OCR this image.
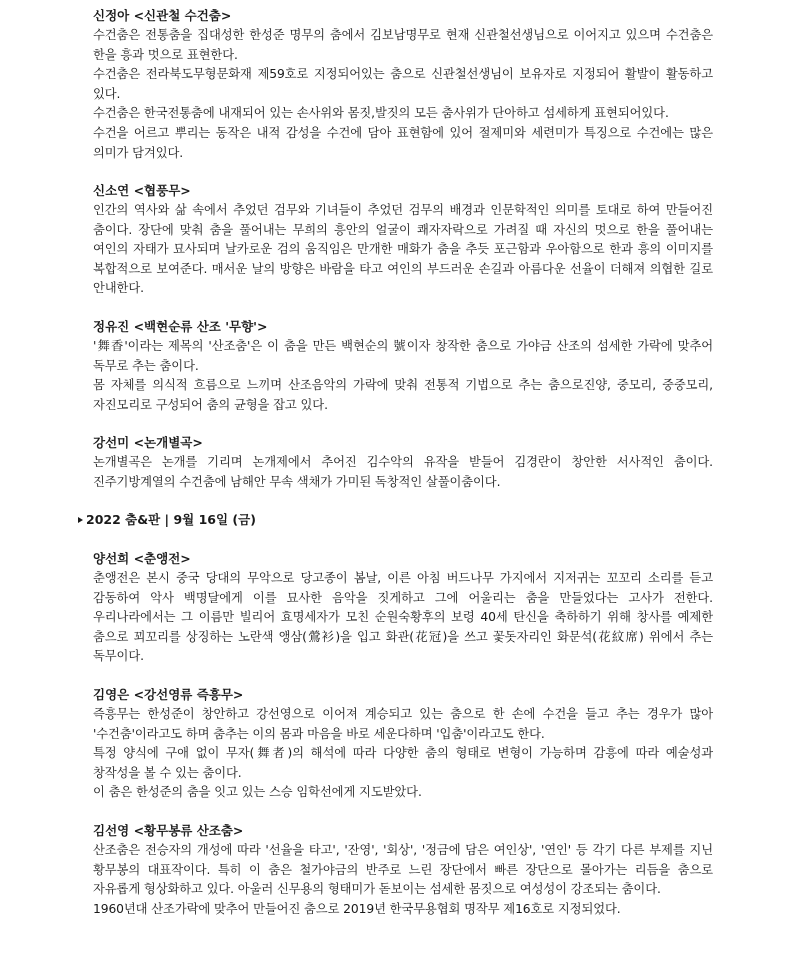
신정아 <신관철 수건춤>

수건춤은 전통춤을 집대성한 한성준 명무의 춤에서 김보남명무로 현재 신관철선생님으로 이어지고 있으며 수건춤은 한을 흥과 멋으로 표현한다.

수건춤은 전라북도무형문화재 제59호로 지정되어있는 춤으로 신관철선생님이 보유자로 지정되어 활발이 활동하고 있다.

수건춤은 한국전통춤에 내재되어 있는 손사위와 몸짓,발짓의 모든 춤사위가 단아하고 섬세하게 표현되어있다.

수건을 어르고 뿌리는 동작은 내적 감성을 수건에 담아 표현함에 있어 절제미와 세련미가 특징으로 수건에는 많은 의미가 담겨있다.

신소연 <협풍무>

인간의 역사와 삶 속에서 추었던 검무와 기녀들이 추었던 검무의 배경과 인문학적인 의미를 토대로 하여 만들어진 춤이다. 장단에 맞춰 춤을 풀어내는 무희의 흥안의 얼굴이 쾌자자락으로 가려질 때 자신의 멋으로 한을 풀어내는 여인의 자태가 묘사되며 날카로운 검의 움직임은 만개한 매화가 춤을 추듯 포근함과 우아함으로 한과 흥의 이미지를 복합적으로 보여준다. 매서운 날의 방향은 바람을 타고 여인의 부드러운 손길과 아름다운 선율이 더해져 의협한 길로 안내한다.

정유진 <백현순류 산조 '무향'>

'舞香'이라는 제목의 '산조춤'은 이 춤을 만든 백현순의 號이자 창작한 춤으로 가야금 산조의 섬세한 가락에 맞추어 독무로 추는 춤이다.

몸 자체를 의식적 흐름으로 느끼며 산조음악의 가락에 맞춰 전통적 기법으로 추는 춤으로진양, 중모리, 중중모리, 자진모리로 구성되어 춤의 균형을 잡고 있다.

강선미 <논개별곡>

논개별곡은 논개를 기리며 논개제에서 추어진 김수악의 유작을 받들어 김경란이 창안한 서사적인 춤이다. 진주기방계열의 수건춤에 남해안 무속 색채가 가미된 독창적인 살풀이춤이다.

2022 춤&판 | 9월 16일 (금)
양선희 <춘앵전>

춘앵전은 본시 중국 당대의 무악으로 당고종이 봄날, 이른 아침 버드나무 가지에서 지저귀는 꼬꼬리 소리를 듣고 감동하여 악사 백명달에게 이를 묘사한 음악을 짓게하고 그에 어울리는 춤을 만들었다는 고사가 전한다. 우리나라에서는 그 이름만 빌리어 효명세자가 모친 순원숙황후의 보령 40세 탄신을 축하하기 위해 창사를 예제한 춤으로 꾀꼬리를 상징하는 노란색 앵삼(鶯衫)을 입고 화관(花冠)을 쓰고 꽃돗자리인 화문석(花紋席) 위에서 추는 독무이다.

김영은 <강선영류 즉흥무>

즉흥무는 한성준이 창안하고 강선영으로 이어져 계승되고 있는 춤으로 한 손에 수건을 들고 추는 경우가 많아 '수건춤'이라고도 하며 춤추는 이의 몸과 마음을 바로 세운다하며 '입춤'이라고도 한다.

특정 양식에 구애 없이 무자(舞者)의 해석에 따라 다양한 춤의 형태로 변형이 가능하며 감흥에 따라 예술성과 창작성을 볼 수 있는 춤이다.

이 춤은 한성준의 춤을 잇고 있는 스승 임학선에게 지도받았다.

김선영 <황무봉류 산조춤>

산조춤은 전승자의 개성에 따라 '선율을 타고', '잔영', '회상', '정금에 담은 여인상', '연인' 등 각기 다른 부제를 지닌 황무봉의 대표작이다. 특히 이 춤은 철가야금의 반주로 느린 장단에서 빠른 장단으로 몰아가는 리듬을 춤으로 자유롭게 형상화하고 있다. 아울러 신무용의 형태미가 돋보이는 섬세한 몸짓으로 여성성이 강조되는 춤이다.

1960년대 산조가락에 맞추어 만들어진 춤으로 2019년 한국무용협회 명작무 제16호로 지정되었다.
